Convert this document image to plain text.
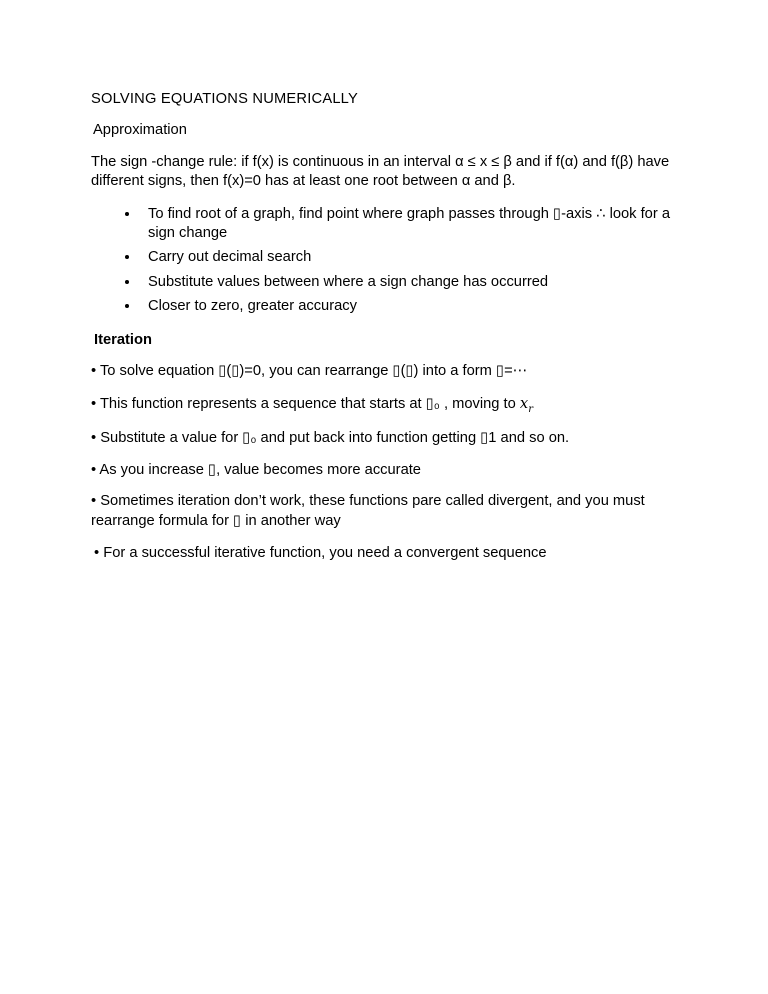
SOLVING EQUATIONS NUMERICALLY

Approximation

The sign -change rule: if f(x) is continuous in an interval α ≤ x ≤ β and if f(α) and f(β) have different signs, then f(x)=0 has at least one root between α and β.

• To find root of a graph, find point where graph passes through ▯-axis ∴ look for a sign change
• Carry out decimal search
• Substitute values between where a sign change has occurred
• Closer to zero, greater accuracy

Iteration

• To solve equation ▯(▯)=0, you can rearrange ▯(▯) into a form ▯=⋯

• This function represents a sequence that starts at ▯₀ , moving to $x_r$

• Substitute a value for ▯₀ and put back into function getting ▯1 and so on.

• As you increase ▯, value becomes more accurate

• Sometimes iteration don’t work, these functions pare called divergent, and you must rearrange formula for ▯ in another way

• For a successful iterative function, you need a convergent sequence
